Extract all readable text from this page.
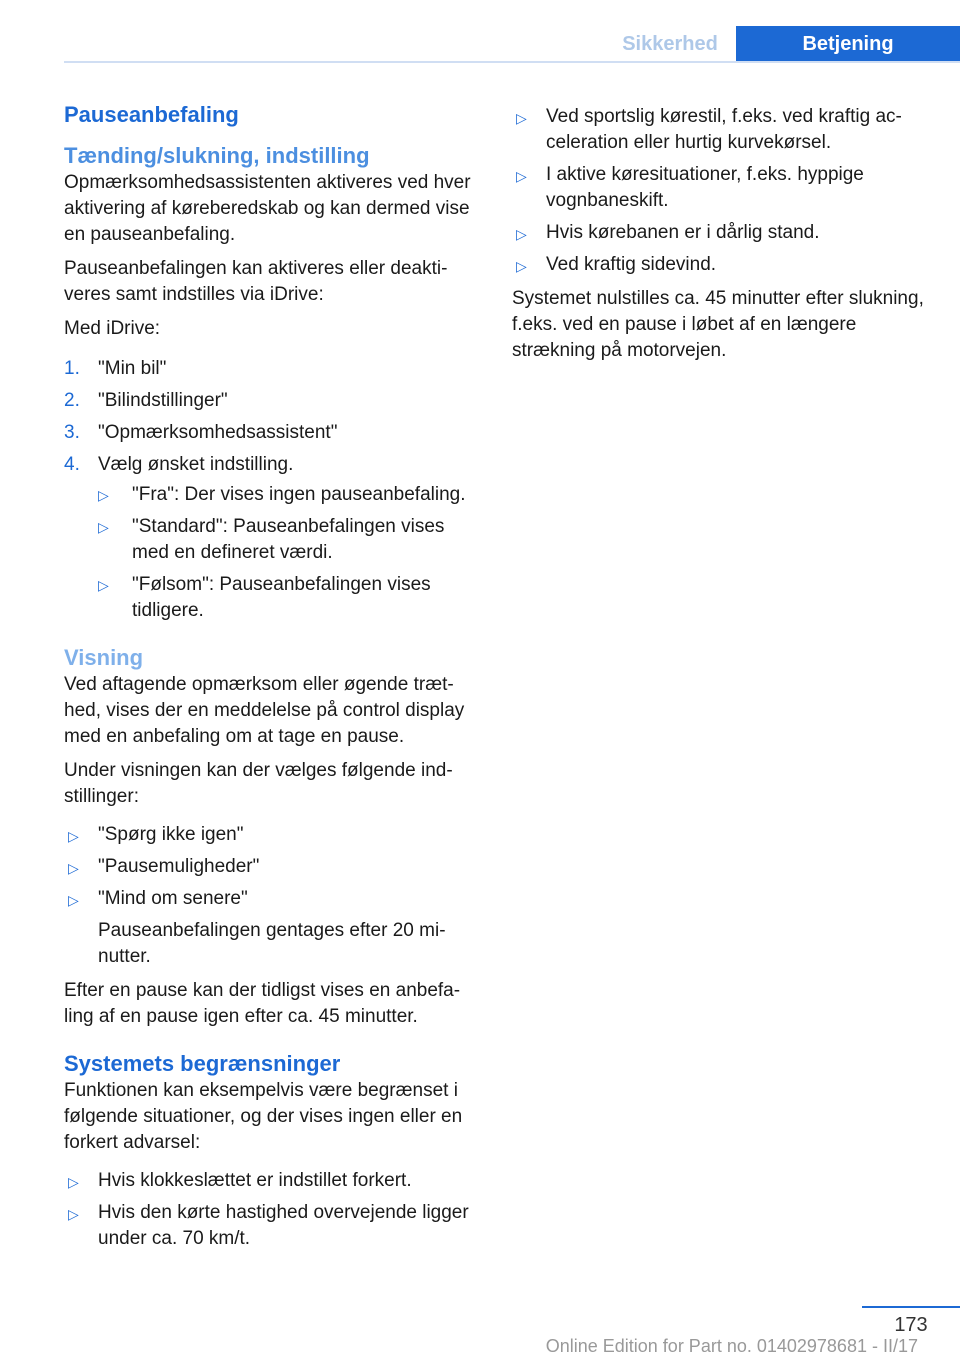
Sikkerhed	Betjening
Pauseanbefaling
Tænding/slukning, indstilling

Opmærksomhedsassistenten aktiveres ved hver aktivering af køreberedskab og kan dermed vise en pauseanbefaling.

Pauseanbefalingen kan aktiveres eller deaktiveres samt indstilles via iDrive:

Med iDrive:

1. "Min bil"
2. "Bilindstillinger"
3. "Opmærksomhedsassistent"
4. Vælg ønsket indstilling.
▷ "Fra": Der vises ingen pauseanbefaling.
▷ "Standard": Pauseanbefalingen vises med en defineret værdi.
▷ "Følsom": Pauseanbefalingen vises tidligere.
Visning

Ved aftagende opmærksom eller øgende træthed, vises der en meddelelse på control display med en anbefaling om at tage en pause.

Under visningen kan der vælges følgende indstillinger:

▷ "Spørg ikke igen"
▷ "Pausemuligheder"
▷ "Mind om senere"
Pauseanbefalingen gentages efter 20 minutter.

Efter en pause kan der tidligst vises en anbefaling af en pause igen efter ca. 45 minutter.

Systemets begrænsninger

Funktionen kan eksempelvis være begrænset i følgende situationer, og der vises ingen eller en forkert advarsel:

▷ Hvis klokkeslættet er indstillet forkert.
▷ Hvis den kørte hastighed overvejende ligger under ca. 70 km/t.
▷ Ved sportslig kørestil, f.eks. ved kraftig acceleration eller hurtig kurvekørsel.
▷ I aktive køresituationer, f.eks. hyppige vognbaneskift.
▷ Hvis kørebanen er i dårlig stand.
▷ Ved kraftig sidevind.

Systemet nulstilles ca. 45 minutter efter slukning, f.eks. ved en pause i løbet af en længere strækning på motorvejen.

173
Online Edition for Part no. 01402978681 - II/17
